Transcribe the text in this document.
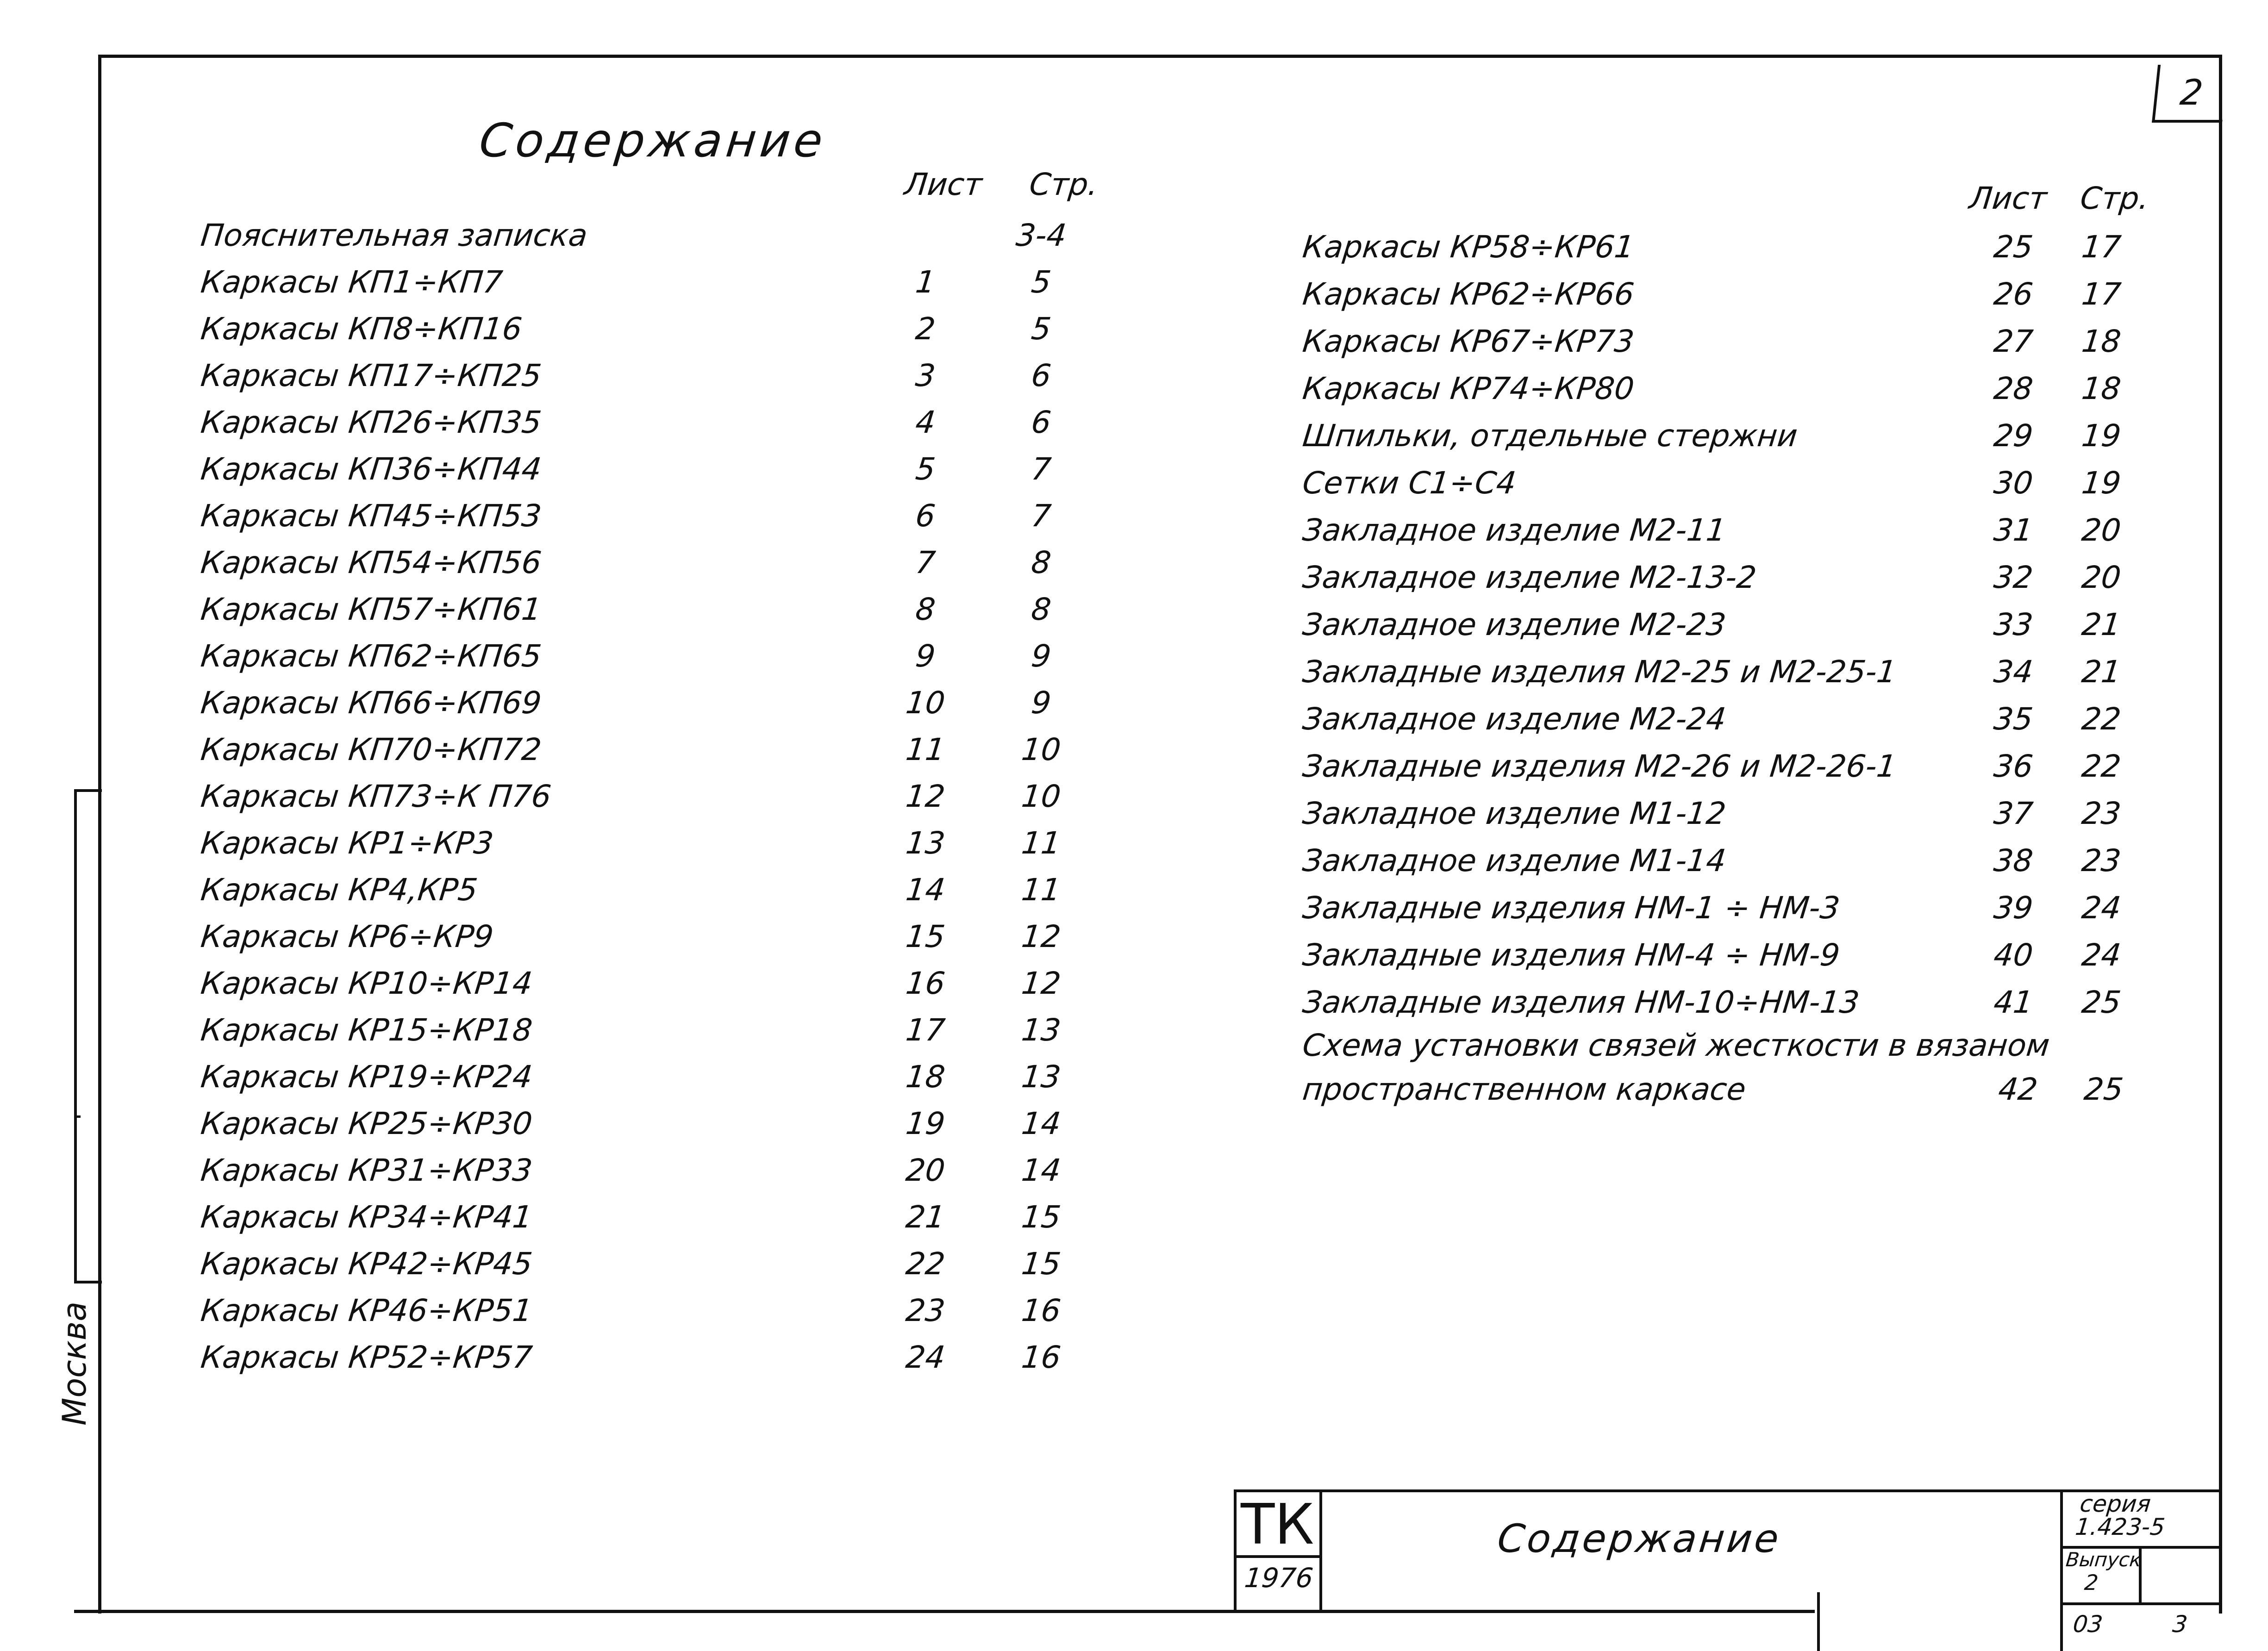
Москва
2
Содержание
Лист Стр.	Лист Стр.
Пояснительная записка	3-4
Каркасы КП1÷КП7	1	5
Каркасы КП8÷КП16	2	5
Каркасы КП17÷КП25	3	6
Каркасы КП26÷КП35	4	6
Каркасы КП36÷КП44	5	7
Каркасы КП45÷КП53	6	7
Каркасы КП54÷КП56	7	8
Каркасы КП57÷КП61	8	8
Каркасы КП62÷КП65	9	9
Каркасы КП66÷КП69	10	9
Каркасы КП70÷КП72	11	10
Каркасы КП73÷К П76	12	10
Каркасы КР1÷КР3	13	11
Каркасы КР4,КР5	14	11
Каркасы КР6÷КР9	15	12
Каркасы КР10÷КР14	16	12
Каркасы КР15÷КР18	17	13
Каркасы КР19÷КР24	18	13
Каркасы КР25÷КР30	19	14
Каркасы КР31÷КР33	20	14
Каркасы КР34÷КР41	21	15
Каркасы КР42÷КР45	22	15
Каркасы КР46÷КР51	23	16
Каркасы КР52÷КР57	24	16
Каркасы КР58÷КР61	25	17
Каркасы КР62÷КР66	26	17
Каркасы КР67÷КР73	27	18
Каркасы КР74÷КР80	28	18
Шпильки, отдельные стержни	29	19
Сетки С1÷С4	30	19
Закладное изделие М2-11	31	20
Закладное изделие М2-13-2	32	20
Закладное изделие М2-23	33	21
Закладные изделия М2-25 и М2-25-1	34	21
Закладное изделие М2-24	35	22
Закладные изделия М2-26 и М2-26-1	36	22
Закладное изделие М1-12	37	23
Закладное изделие М1-14	38	23
Закладные изделия НМ-1 ÷ НМ-3	39	24
Закладные изделия НМ-4 ÷ НМ-9	40	24
Закладные изделия НМ-10÷НМ-13	41	25
Схема установки связей жесткости в вязаном
пространственном каркасе	42	25
ТК
1976
Содержание
серия
1.423-5
Выпуск
2
03	3
